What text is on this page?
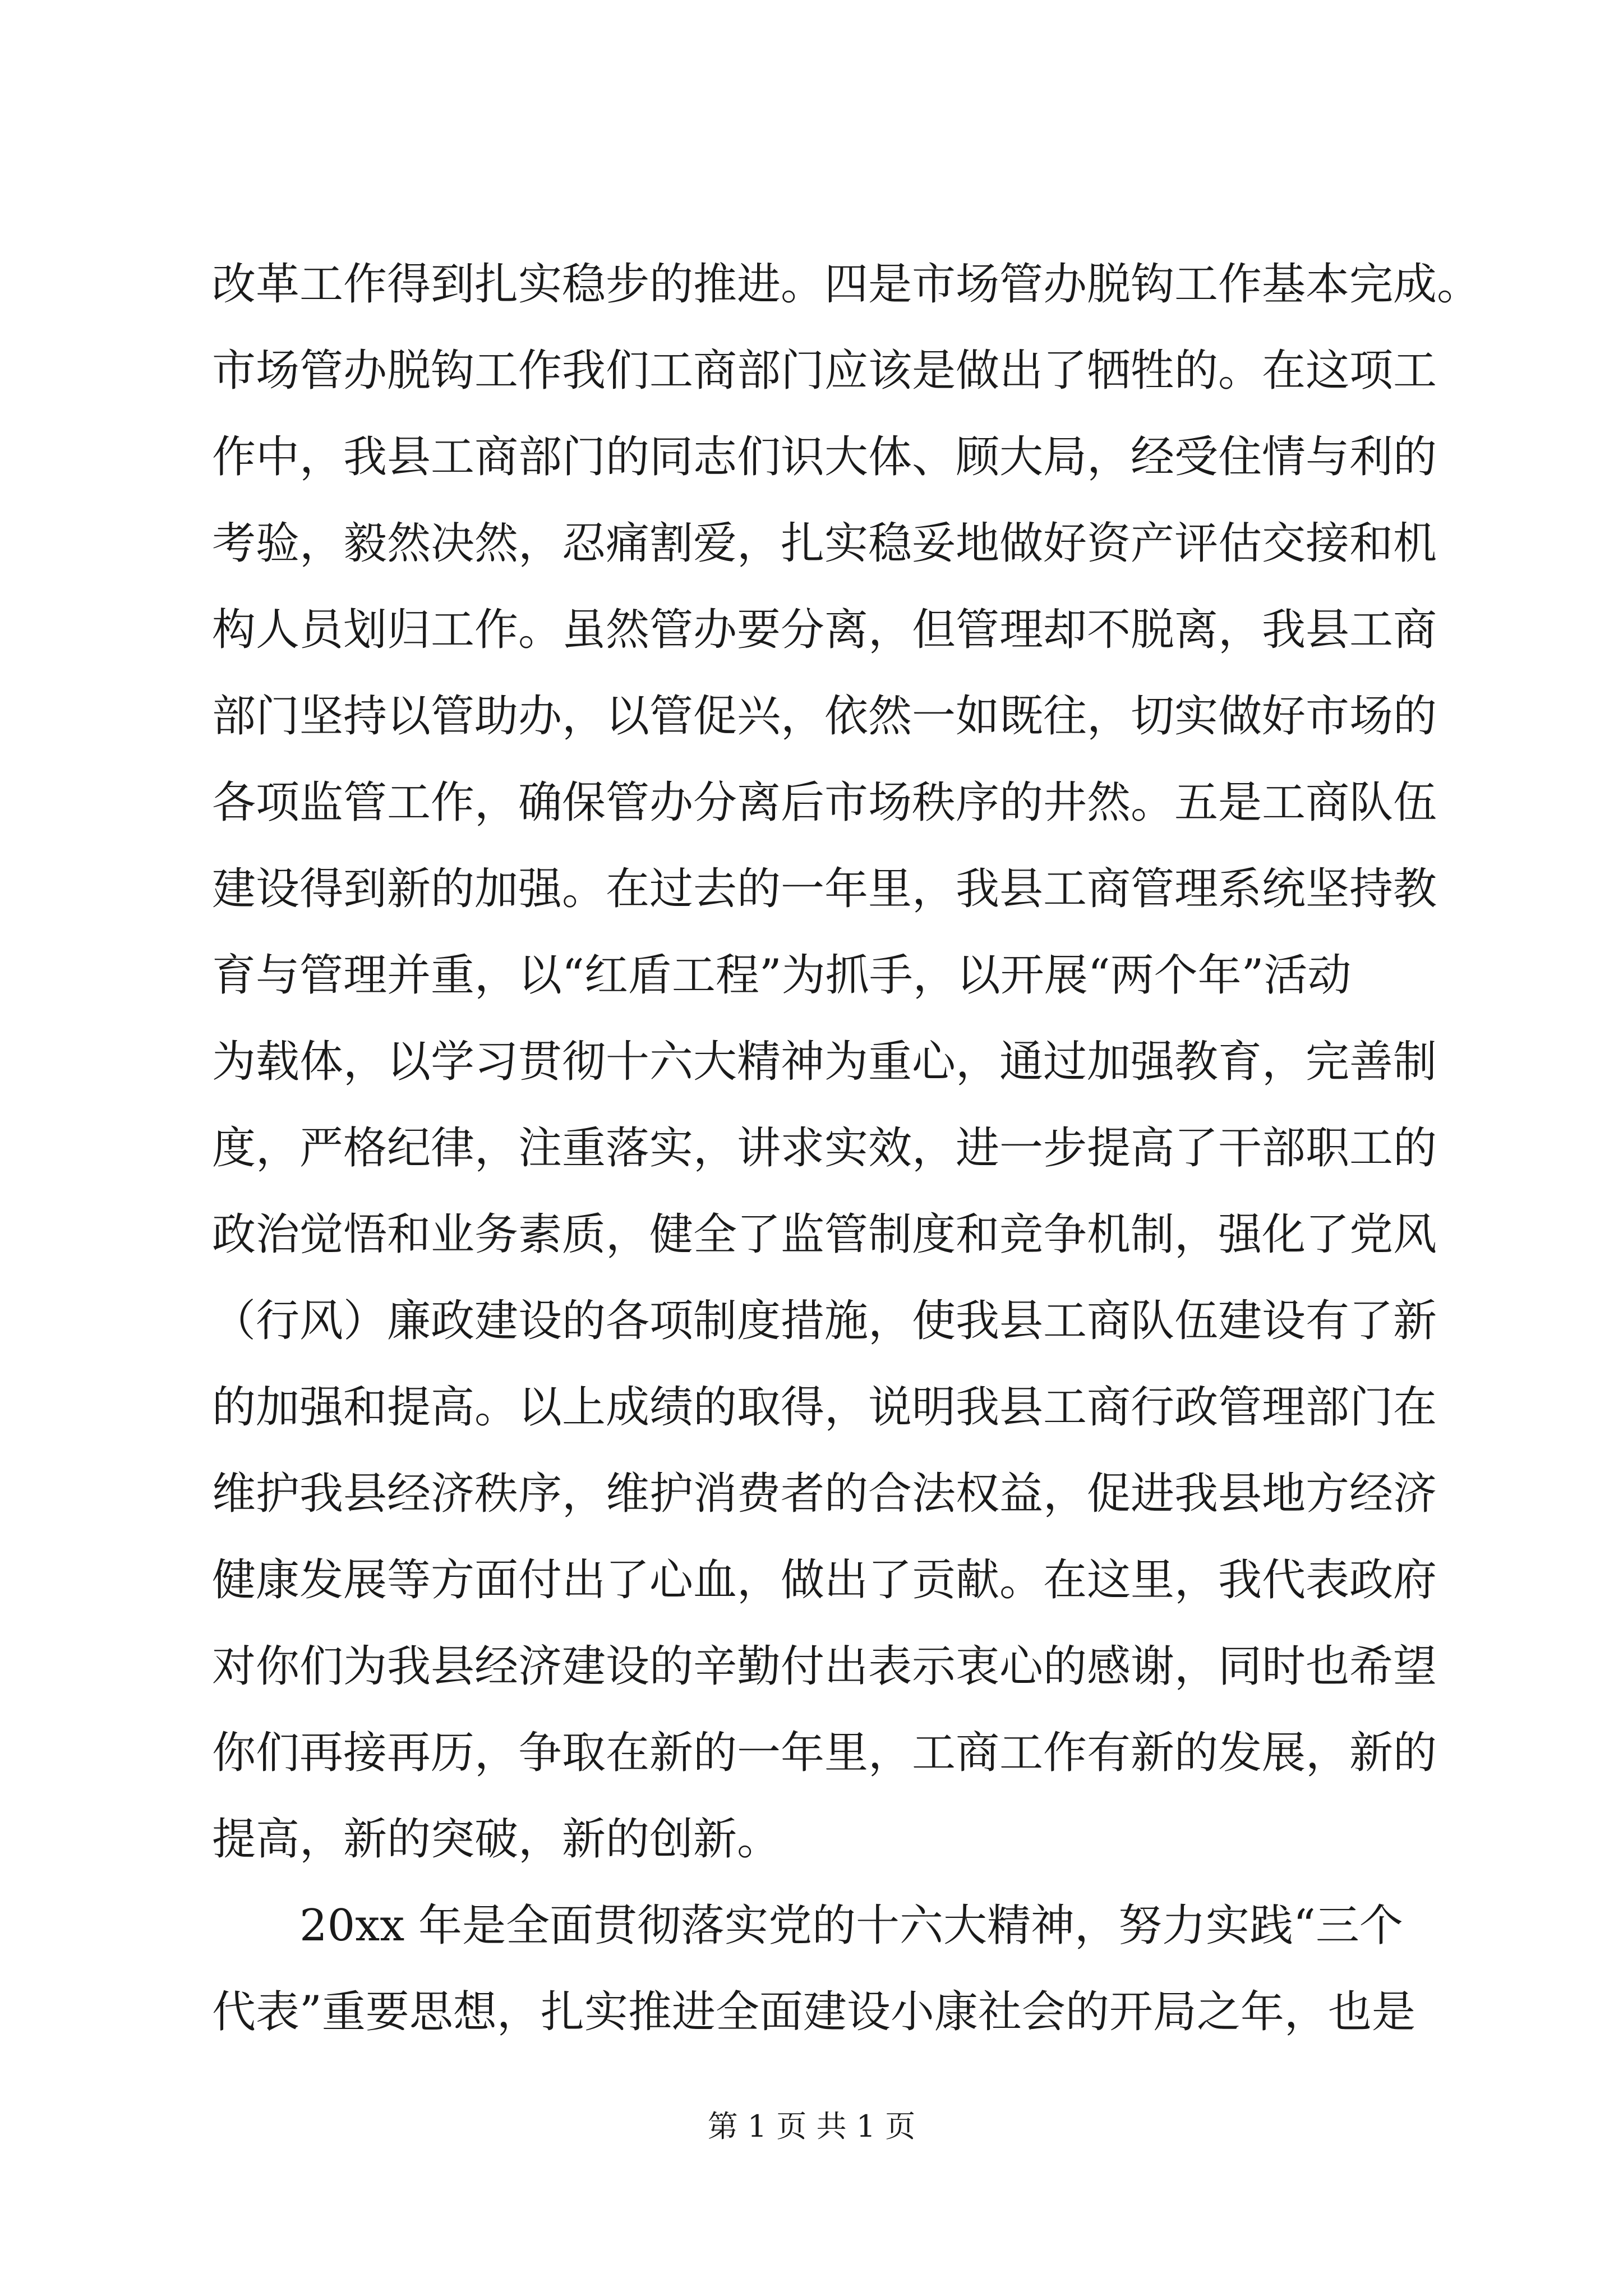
改革工作得到扎实稳步的推进。四是市场管办脱钩工作基本完成。
市场管办脱钩工作我们工商部门应该是做出了牺牲的。在这项工
作中，我县工商部门的同志们识大体、顾大局，经受住情与利的
考验，毅然决然，忍痛割爱，扎实稳妥地做好资产评估交接和机
构人员划归工作。虽然管办要分离，但管理却不脱离，我县工商
部门坚持以管助办，以管促兴，依然一如既往，切实做好市场的
各项监管工作，确保管办分离后市场秩序的井然。五是工商队伍
建设得到新的加强。在过去的一年里，我县工商管理系统坚持教
育与管理并重，以“红盾工程”为抓手，以开展“两个年”活动
为载体，以学习贯彻十六大精神为重心，通过加强教育，完善制
度，严格纪律，注重落实，讲求实效，进一步提高了干部职工的
政治觉悟和业务素质，健全了监管制度和竞争机制，强化了党风
（行风）廉政建设的各项制度措施，使我县工商队伍建设有了新
的加强和提高。以上成绩的取得，说明我县工商行政管理部门在
维护我县经济秩序，维护消费者的合法权益，促进我县地方经济
健康发展等方面付出了心血，做出了贡献。在这里，我代表政府
对你们为我县经济建设的辛勤付出表示衷心的感谢，同时也希望
你们再接再历，争取在新的一年里，工商工作有新的发展，新的
提高，新的突破，新的创新。
20xx 年是全面贯彻落实党的十六大精神，努力实践“三个
代表”重要思想，扎实推进全面建设小康社会的开局之年，也是
第 1 页 共 1 页
